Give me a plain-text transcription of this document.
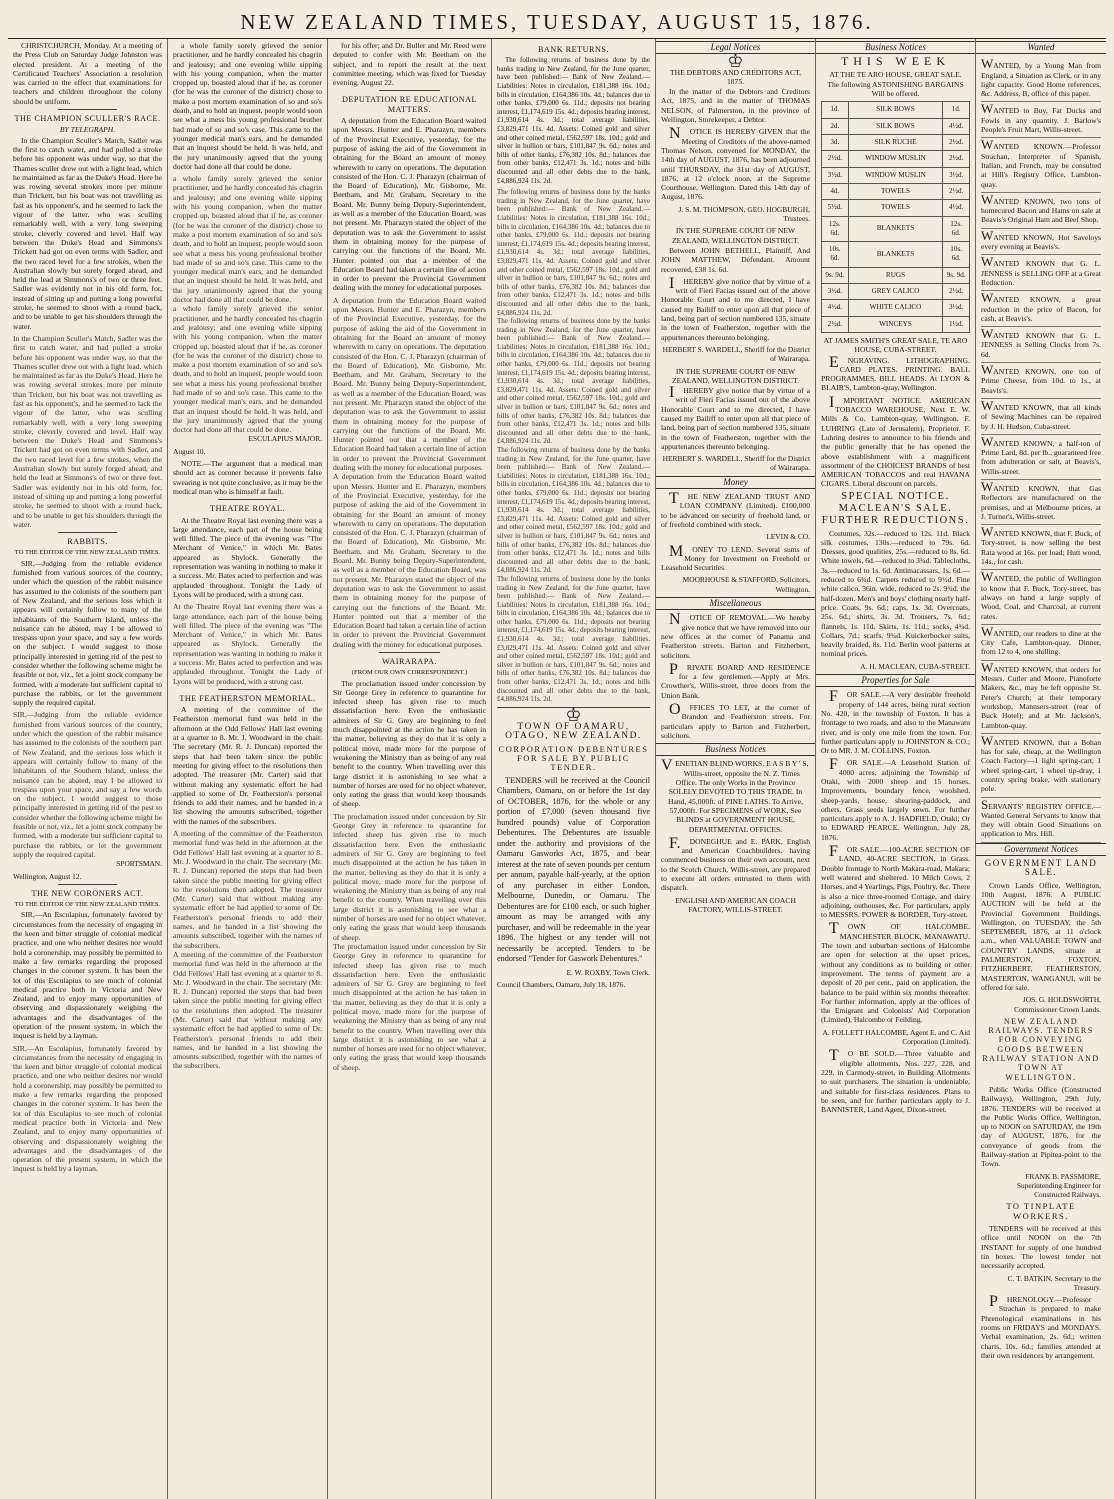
NEW ZEALAND TIMES, TUESDAY, AUGUST 15, 1876.

CHRISTCHURCH, Monday. At a meeting of the Press Club on Saturday Judge Johnston was elected president. At a meeting of the Certificated Teachers' Association a resolution was carried to the effect that examinations for teachers and children throughout the colony should be uniform.

THE CHAMPION SCULLER'S RACE.
BY TELEGRAPH.

In the Champion Sculler's Match, Sadler was the first to catch water, and had pulled a stroke before his opponent was under way, so that the Thames sculler drew out with a light lead, which he maintained as far as the Duke's Head. Here he was rowing several strokes more per minute than Trickett, but his boat was not travelling as fast as his opponent's, and he seemed to lack the vigour of the latter, who was sculling remarkably well, with a very long sweeping stroke, cleverly covered and level. Half way between the Duke's Head and Simmons's Trickett had got on even terms with Sadler, and the two raced level for a few strokes, when the Australian slowly but surely forged ahead, and held the lead at Simmons's of two or three feet. Sadler was evidently not in his old form, for, instead of sitting up and putting a long powerful stroke, he seemed to shoot with a round back, and to be unable to get his shoulders through the water.

In the Champion Sculler's Match, Sadler was the first to catch water, and had pulled a stroke before his opponent was under way, so that the Thames sculler drew out with a light lead, which he maintained as far as the Duke's Head. Here he was rowing several strokes more per minute than Trickett, but his boat was not travelling as fast as his opponent's, and he seemed to lack the vigour of the latter, who was sculling remarkably well, with a very long sweeping stroke, cleverly covered and level. Half way between the Duke's Head and Simmons's Trickett had got on even terms with Sadler, and the two raced level for a few strokes, when the Australian slowly but surely forged ahead, and held the lead at Simmons's of two or three feet. Sadler was evidently not in his old form, for, instead of sitting up and putting a long powerful stroke, he seemed to shoot with a round back, and to be unable to get his shoulders through the water.

RABBITS.
TO THE EDITOR OF THE NEW ZEALAND TIMES.

SIR,—Judging from the reliable evidence furnished from various sources of the country, under which the question of the rabbit nuisance has assumed to the colonists of the southern part of New Zealand, and the serious loss which it appears will certainly follow to many of the inhabitants of the Southern Island, unless the nuisance can be abated, may I be allowed to trespass upon your space, and say a few words on the subject. I would suggest to those principally interested in getting rid of the pest to consider whether the following scheme might be feasible or not, viz., let a joint stock company be formed, with a moderate but sufficient capital to purchase the rabbits, or let the government supply the required capital.

SIR,—Judging from the reliable evidence furnished from various sources of the country, under which the question of the rabbit nuisance has assumed to the colonists of the southern part of New Zealand, and the serious loss which it appears will certainly follow to many of the inhabitants of the Southern Island, unless the nuisance can be abated, may I be allowed to trespass upon your space, and say a few words on the subject. I would suggest to those principally interested in getting rid of the pest to consider whether the following scheme might be feasible or not, viz., let a joint stock company be formed, with a moderate but sufficient capital to purchase the rabbits, or let the government supply the required capital.

SPORTSMAN.
Wellington, August 12.
THE NEW CORONERS ACT.
TO THE EDITOR OF THE NEW ZEALAND TIMES.

SIR,—An Esculapius, fortunately favored by circumstances from the necessity of engaging in the keen and bitter struggle of colonial medical practice, and one who neither desires nor would hold a coronership, may possibly be permitted to make a few remarks regarding the proposed changes in the coroner system. It has been the lot of this Esculapius to see much of colonial medical practice both in Victoria and New Zealand, and to enjoy many opportunities of observing and dispassionately weighing the advantages and the disadvantages of the operation of the present system, in which the inquest is held by a layman.

SIR,—An Esculapius, fortunately favored by circumstances from the necessity of engaging in the keen and bitter struggle of colonial medical practice, and one who neither desires nor would hold a coronership, may possibly be permitted to make a few remarks regarding the proposed changes in the coroner system. It has been the lot of this Esculapius to see much of colonial medical practice both in Victoria and New Zealand, and to enjoy many opportunities of observing and dispassionately weighing the advantages and the disadvantages of the operation of the present system, in which the inquest is held by a layman.

a whole family sorely grieved the senior practitioner, and he hardly concealed his chagrin and jealousy; and one evening while sipping with his young companion, when the matter cropped up, boasted aloud that if he, as coroner (for he was the coroner of the district) chose to make a post mortem examination of so and so's death, and to hold an inquest, people would soon see what a mess his young professional brother had made of so and so's case. This came to the younger medical man's ears, and he demanded that an inquest should be held. It was held, and the jury unanimously agreed that the young doctor had done all that could be done.

a whole family sorely grieved the senior practitioner, and he hardly concealed his chagrin and jealousy; and one evening while sipping with his young companion, when the matter cropped up, boasted aloud that if he, as coroner (for he was the coroner of the district) chose to make a post mortem examination of so and so's death, and to hold an inquest, people would soon see what a mess his young professional brother had made of so and so's case. This came to the younger medical man's ears, and he demanded that an inquest should be held. It was held, and the jury unanimously agreed that the young doctor had done all that could be done.

a whole family sorely grieved the senior practitioner, and he hardly concealed his chagrin and jealousy; and one evening while sipping with his young companion, when the matter cropped up, boasted aloud that if he, as coroner (for he was the coroner of the district) chose to make a post mortem examination of so and so's death, and to hold an inquest, people would soon see what a mess his young professional brother had made of so and so's case. This came to the younger medical man's ears, and he demanded that an inquest should be held. It was held, and the jury unanimously agreed that the young doctor had done all that could be done.

ESCULAPIUS MAJOR.
August 10.

NOTE.—The argument that a medical man should act as coroner because it prevents false swearing is not quite conclusive, as it may be the medical man who is himself at fault.

THEATRE ROYAL.

At the Theatre Royal last evening there was a large attendance, each part of the house being well filled. The piece of the evening was "The Merchant of Venice," in which Mr. Bates appeared as Shylock. Generally the representation was wanting in nothing to make it a success. Mr. Bates acted to perfection and was applauded throughout. Tonight the Lady of Lyons will be produced, with a strong cast.

At the Theatre Royal last evening there was a large attendance, each part of the house being well filled. The piece of the evening was "The Merchant of Venice," in which Mr. Bates appeared as Shylock. Generally the representation was wanting in nothing to make it a success. Mr. Bates acted to perfection and was applauded throughout. Tonight the Lady of Lyons will be produced, with a strong cast.

THE FEATHERSTON MEMORIAL.

A meeting of the committee of the Featherston memorial fund was held in the afternoon at the Odd Fellows' Hall last evening at a quarter to 8. Mr. J. Woodward in the chair. The secretary (Mr. R. J. Duncan) reported the steps that had been taken since the public meeting for giving effect to the resolutions then adopted. The treasurer (Mr. Carter) said that without making any systematic effort he had applied to some of Dr. Featherston's personal friends to add their names, and he handed in a list showing the amounts subscribed, together with the names of the subscribers.

A meeting of the committee of the Featherston memorial fund was held in the afternoon at the Odd Fellows' Hall last evening at a quarter to 8. Mr. J. Woodward in the chair. The secretary (Mr. R. J. Duncan) reported the steps that had been taken since the public meeting for giving effect to the resolutions then adopted. The treasurer (Mr. Carter) said that without making any systematic effort he had applied to some of Dr. Featherston's personal friends to add their names, and he handed in a list showing the amounts subscribed, together with the names of the subscribers.

A meeting of the committee of the Featherston memorial fund was held in the afternoon at the Odd Fellows' Hall last evening at a quarter to 8. Mr. J. Woodward in the chair. The secretary (Mr. R. J. Duncan) reported the steps that had been taken since the public meeting for giving effect to the resolutions then adopted. The treasurer (Mr. Carter) said that without making any systematic effort he had applied to some of Dr. Featherston's personal friends to add their names, and he handed in a list showing the amounts subscribed, together with the names of the subscribers.

for his offer; and Dr. Buller and Mr. Reed were deputed to confer with Mr. Beetham on the subject, and to report the result at the next committee meeting, which was fixed for Tuesday evening, August 22.

DEPUTATION RE EDUCATIONAL MATTERS.

A deputation from the Education Board waited upon Messrs. Hunter and E. Pharazyn, members of the Provincial Executive, yesterday, for the purpose of asking the aid of the Government in obtaining for the Board an amount of money wherewith to carry on operations. The deputation consisted of the Hon. C. J. Pharazyn (chairman of the Board of Education), Mr. Gisborne, Mr. Beetham, and Mr. Graham, Secretary to the Board. Mr. Bunny being Deputy-Superintendent, as well as a member of the Education Board, was not present. Mr. Pharazyn stated the object of the deputation was to ask the Government to assist them in obtaining money for the purpose of carrying out the functions of the Board. Mr. Hunter pointed out that a member of the Education Board had taken a certain line of action in order to prevent the Provincial Government dealing with the money for educational purposes.

A deputation from the Education Board waited upon Messrs. Hunter and E. Pharazyn, members of the Provincial Executive, yesterday, for the purpose of asking the aid of the Government in obtaining for the Board an amount of money wherewith to carry on operations. The deputation consisted of the Hon. C. J. Pharazyn (chairman of the Board of Education), Mr. Gisborne, Mr. Beetham, and Mr. Graham, Secretary to the Board. Mr. Bunny being Deputy-Superintendent, as well as a member of the Education Board, was not present. Mr. Pharazyn stated the object of the deputation was to ask the Government to assist them in obtaining money for the purpose of carrying out the functions of the Board. Mr. Hunter pointed out that a member of the Education Board had taken a certain line of action in order to prevent the Provincial Government dealing with the money for educational purposes.

A deputation from the Education Board waited upon Messrs. Hunter and E. Pharazyn, members of the Provincial Executive, yesterday, for the purpose of asking the aid of the Government in obtaining for the Board an amount of money wherewith to carry on operations. The deputation consisted of the Hon. C. J. Pharazyn (chairman of the Board of Education), Mr. Gisborne, Mr. Beetham, and Mr. Graham, Secretary to the Board. Mr. Bunny being Deputy-Superintendent, as well as a member of the Education Board, was not present. Mr. Pharazyn stated the object of the deputation was to ask the Government to assist them in obtaining money for the purpose of carrying out the functions of the Board. Mr. Hunter pointed out that a member of the Education Board had taken a certain line of action in order to prevent the Provincial Government dealing with the money for educational purposes.

WAIRARAPA.
(FROM OUR OWN CORRESPONDENT.)

The proclamation issued under concession by Sir George Grey in reference to quarantine for infected sheep has given rise to much dissatisfaction here. Even the enthusiastic admirers of Sir G. Grey are beginning to feel much disappointed at the action he has taken in the matter, believing as they do that it is only a political move, made more for the purpose of weakening the Ministry than as being of any real benefit to the country. When travelling over this large district it is astonishing to see what a number of horses are used for no object whatever, only eating the grass that would keep thousands of sheep.

The proclamation issued under concession by Sir George Grey in reference to quarantine for infected sheep has given rise to much dissatisfaction here. Even the enthusiastic admirers of Sir G. Grey are beginning to feel much disappointed at the action he has taken in the matter, believing as they do that it is only a political move, made more for the purpose of weakening the Ministry than as being of any real benefit to the country. When travelling over this large district it is astonishing to see what a number of horses are used for no object whatever, only eating the grass that would keep thousands of sheep.

The proclamation issued under concession by Sir George Grey in reference to quarantine for infected sheep has given rise to much dissatisfaction here. Even the enthusiastic admirers of Sir G. Grey are beginning to feel much disappointed at the action he has taken in the matter, believing as they do that it is only a political move, made more for the purpose of weakening the Ministry than as being of any real benefit to the country. When travelling over this large district it is astonishing to see what a number of horses are used for no object whatever, only eating the grass that would keep thousands of sheep.

BANK RETURNS.

The following returns of business done by the banks trading in New Zealand, for the June quarter, have been published:— Bank of New Zealand.—Liabilities: Notes in circulation, £181,388 16s. 10d.; bills in circulation, £164,386 10s. 4d.; balances due to other banks, £79,000 6s. 11d.; deposits not bearing interest, £1,174,619 15s. 4d.; deposits bearing interest, £1,930,614 4s. 3d.; total average liabilities, £3,829,471 11s. 4d. Assets: Coined gold and silver and other coined metal, £562,597 18s. 10d.; gold and silver in bullion or bars, £101,847 9s. 6d.; notes and bills of other banks, £76,382 10s. 8d.; balances due from other banks, £12,471 3s. 1d.; notes and bills discounted and all other debts due to the bank, £4,886,924 11s. 2d.

The following returns of business done by the banks trading in New Zealand, for the June quarter, have been published:— Bank of New Zealand.—Liabilities: Notes in circulation, £181,388 16s. 10d.; bills in circulation, £164,386 10s. 4d.; balances due to other banks, £79,000 6s. 11d.; deposits not bearing interest, £1,174,619 15s. 4d.; deposits bearing interest, £1,930,614 4s. 3d.; total average liabilities, £3,829,471 11s. 4d. Assets: Coined gold and silver and other coined metal, £562,597 18s. 10d.; gold and silver in bullion or bars, £101,847 9s. 6d.; notes and bills of other banks, £76,382 10s. 8d.; balances due from other banks, £12,471 3s. 1d.; notes and bills discounted and all other debts due to the bank, £4,886,924 11s. 2d.

The following returns of business done by the banks trading in New Zealand, for the June quarter, have been published:— Bank of New Zealand.—Liabilities: Notes in circulation, £181,388 16s. 10d.; bills in circulation, £164,386 10s. 4d.; balances due to other banks, £79,000 6s. 11d.; deposits not bearing interest, £1,174,619 15s. 4d.; deposits bearing interest, £1,930,614 4s. 3d.; total average liabilities, £3,829,471 11s. 4d. Assets: Coined gold and silver and other coined metal, £562,597 18s. 10d.; gold and silver in bullion or bars, £101,847 9s. 6d.; notes and bills of other banks, £76,382 10s. 8d.; balances due from other banks, £12,471 3s. 1d.; notes and bills discounted and all other debts due to the bank, £4,886,924 11s. 2d.

The following returns of business done by the banks trading in New Zealand, for the June quarter, have been published:— Bank of New Zealand.—Liabilities: Notes in circulation, £181,388 16s. 10d.; bills in circulation, £164,386 10s. 4d.; balances due to other banks, £79,000 6s. 11d.; deposits not bearing interest, £1,174,619 15s. 4d.; deposits bearing interest, £1,930,614 4s. 3d.; total average liabilities, £3,829,471 11s. 4d. Assets: Coined gold and silver and other coined metal, £562,597 18s. 10d.; gold and silver in bullion or bars, £101,847 9s. 6d.; notes and bills of other banks, £76,382 10s. 8d.; balances due from other banks, £12,471 3s. 1d.; notes and bills discounted and all other debts due to the bank, £4,886,924 11s. 2d.

The following returns of business done by the banks trading in New Zealand, for the June quarter, have been published:— Bank of New Zealand.—Liabilities: Notes in circulation, £181,388 16s. 10d.; bills in circulation, £164,386 10s. 4d.; balances due to other banks, £79,000 6s. 11d.; deposits not bearing interest, £1,174,619 15s. 4d.; deposits bearing interest, £1,930,614 4s. 3d.; total average liabilities, £3,829,471 11s. 4d. Assets: Coined gold and silver and other coined metal, £562,597 18s. 10d.; gold and silver in bullion or bars, £101,847 9s. 6d.; notes and bills of other banks, £76,382 10s. 8d.; balances due from other banks, £12,471 3s. 1d.; notes and bills discounted and all other debts due to the bank, £4,886,924 11s. 2d.

♔
TOWN OF OAMARU, OTAGO, NEW ZEALAND.
CORPORATION DEBENTURES FOR SALE BY PUBLIC TENDER.

TENDERS will be received at the Council Chambers, Oamaru, on or before the 1st day of OCTOBER, 1876, for the whole or any portion of £7,000 (seven thousand five hundred pounds) value of Corporation Debentures. The Debentures are issuable under the authority and provisions of the Oamaru Gasworks Act, 1875, and bear interest at the rate of seven pounds per centum per annum, payable half-yearly, at the option of any purchaser in either London, Melbourne, Dunedin, or Oamaru. The Debentures are for £100 each, or such higher amount as may be arranged with any purchaser, and will be redeemable in the year 1896. The highest or any tender will not necessarily be accepted. Tenders to be endorsed "Tender for Gaswork Debentures."

E. W. ROXBY, Town Clerk.
Council Chambers, Oamaru, July 18, 1876.
Legal Notices
♔
THE DEBTORS AND CREDITORS ACT, 1875.

In the matter of the Debtors and Creditors Act, 1875, and in the matter of THOMAS NELSON, of Palmerston, in the province of Wellington, Storekeeper, a Debtor.

NOTICE IS HEREBY GIVEN that the Meeting of Creditors of the above-named Thomas Nelson, convened for MONDAY, the 14th day of AUGUST, 1876, has been adjourned until THURSDAY, the 31st day of AUGUST, 1876, at 12 o'clock noon, at the Supreme Courthouse, Wellington. Dated this 14th day of August, 1876.

J. S. M. THOMPSON, GEO. HOGBURGH, Trustees.
IN THE SUPREME COURT OF NEW ZEALAND, WELLINGTON DISTRICT.

Between JOHN BETHELL, Plaintiff, And JOHN MATTHEW, Defendant. Amount recovered, £38 1s. 6d.

IHEREBY give notice that by virtue of a writ of Fieri Facias issued out of the above Honorable Court and to me directed, I have caused my Bailiff to enter upon all that piece of land, being part of section numbered 135, situate in the town of Featherston, together with the appurtenances thereunto belonging.

HERBERT S. WARDELL, Sheriff for the District of Wairarapa.
IN THE SUPREME COURT OF NEW ZEALAND, WELLINGTON DISTRICT.

IHEREBY give notice that by virtue of a writ of Fieri Facias issued out of the above Honorable Court and to me directed, I have caused my Bailiff to enter upon all that piece of land, being part of section numbered 135, situate in the town of Featherston, together with the appurtenances thereunto belonging.

HERBERT S. WARDELL, Sheriff for the District of Wairarapa.
Money

THE NEW ZEALAND TRUST AND LOAN COMPANY (Limited). £100,000 to be advanced on security of freehold land, or of freehold combined with stock.

LEVIN & CO.

MONEY TO LEND. Several sums of Money for Investment on Freehold or Leasehold Securities.

MOORHOUSE & STAFFORD, Solicitors, Wellington.
Miscellaneous

NOTICE OF REMOVAL.—We hereby give notice that we have removed into our new offices at the corner of Panama and Featherston streets. Barton and Fitzherbert, solicitors.

PRIVATE BOARD AND RESIDENCE for a few gentlemen.—Apply at Mrs. Crowther's, Willis-street, three doors from the Union Bank.

OFFICES TO LET, at the corner of Brandon and Featherston streets. For particulars apply to Barton and Fitzherbert, solicitors.

Business Notices

VENETIAN BLIND WORKS. E A S B Y ' S, Willis-street, opposite the N. Z. Times Office. The only Works in the Province SOLELY DEVOTED TO THIS TRADE. In Hand, 45,000ft. of PINE LATHS. To Arrive, 57,000ft. For SPECIMENS of WORK, See BLINDS at GOVERNMENT HOUSE, DEPARTMENTAL OFFICES.

F.DONEGHUE and E. PARK, English and American Coachbuilders, having commenced business on their own account, next to the Scotch Church, Willis-street, are prepared to execute all orders entrusted to them with dispatch.

ENGLISH AND AMERICAN COACH FACTORY, WILLIS-STREET.
Business Notices
THIS WEEK
AT THE TE ARO HOUSE, GREAT SALE.
The following ASTONISHING BARGAINS Will be offered.
1d.	SILK BOWS	1d.
2d.	SILK BOWS	4½d.
3d.	SILK RUCHE	2½d.
2½d.	WINDOW MUSLIN	2½d.
3½d.	WINDOW MUSLIN	3½d.
4d.	TOWELS	2½d.
5½d.	TOWELS	4½d.
12s. 6d.	BLANKETS	12s. 6d.
10s. 6d.	BLANKETS	10s. 6d.
9s. 9d.	RUGS	9s. 9d.
3½d.	GREY CALICO	2½d.
4½d.	WHITE CALICO	3½d.
2½d.	WINCEYS	1½d.
AT JAMES SMITH'S GREAT SALE, TE ARO HOUSE, CUBA-STREET.

ENGRAVING. LITHOGRAPHING. CARD PLATES. PRINTING. BALL PROGRAMMES. BILL HEADS. At LYON & BLAIR'S, Lambton-quay, Wellington.

IMPORTANT NOTICE. AMERICAN TOBACCO WAREHOUSE, Next E. W. Mills & Co. Lambton-quay, Wellington. F. LUHRING (Late of Jerusalem), Proprietor. F. Luhring desires to announce to his friends and the public generally that he has opened the above establishment with a magnificent assortment of the CHOICEST BRANDS of best AMERICAN TOBACCOS and real HAVANA CIGARS. Liberal discount on parcels.

SPECIAL NOTICE.
MACLEAN'S SALE.
FURTHER REDUCTIONS.

Costumes, 32s.—reduced to 12s. 11d. Black silk costumes, 130s.—reduced to 79s. 6d. Dresses, good qualities, 25s.—reduced to 8s. 6d. White towels, 6d.—reduced to 3¾d. Tablecloths, 3s.—reduced to 1s. 6d. Antimacassars, 1s. 6d.—reduced to 6¾d. Carpets reduced to 9½d. Fine white calico, 36in. wide, reduced to 2s. 9¾d. the half-dozen. Men's and boys' clothing nearly half-price. Coats, 9s. 6d.; caps, 1s. 3d. Overcoats, 25s. 6d.; shirts, 3s. 3d. Trousers, 7s. 6d.; flannels, 1s. 11d. Skirts, 1s. 11d.; socks, 4¾d. Collars, 7d.; scarfs, 9¾d. Kuickerbocker suits, heavily braided, 8s. 11d. Berlin wool patterns at nominal prices.

A. H. MACLEAN, CUBA-STREET.
Properties for Sale

FOR SALE.—A very desirable freehold property of 144 acres, being rural section No. 420, in the township of Foxton. It has a frontage to two roads, and also to the Manawatu river, and is only one mile from the town. For further particulars apply to JOHNSTON & CO.; Or to MR. J. M. COLLINS, Foxton.

FOR SALE.—A Leasehold Station of 4000 acres, adjoining the Township of Otaki, with 2000 sheep and 15 horses. Improvements, boundary fence, woolshed, sheep-yards, house, shearing-paddock, and others. Grass seeds largely sown. For further particulars apply to A. J. HADFIELD, Otaki; Or to EDWARD PEARCE. Wellington, July 28, 1876.

FOR SALE.—100-ACRE SECTION OF LAND, 40-ACRE SECTION, in Grass. Double frontage to North Makara-road, Makara; well watered and sheltered. 10 Milch Cows, 2 Horses, and 4 Yearlings, Pigs, Poultry, &c. There is also a nice three-roomed Cottage, and dairy adjoining, outhouses, &c. For particulars, apply to MESSRS. POWER & BORDER, Tory-street.

TOWN OF HALCOMBE. MANCHESTER BLOCK, MANAWATU. The town and suburban sections of Halcombe are open for selection at the upset prices, without any conditions as to building or other improvement. The terms of payment are a deposit of 20 per cent., paid on application, the balance to be paid within six months thereafter. For further information, apply at the offices of the Emigrant and Colonists' Aid Corporation (Limited), Halcombe or Feilding.

A. FOLLETT HALCOMBE, Agent E. and C. Aid Corporation (Limited).

TO BE SOLD.—Three valuable and eligible allotments, Nos. 227, 228, and 229, in Carmody-street, in Building Allotments to suit purchasers. The situation is undeniable, and suitable for first-class residences. Plans to be seen, and for further particulars apply to J. BANNISTER, Land Agent, Dixon-street.

Wanted

WANTED, by a Young Man from England, a Situation as Clerk, or in any light capacity. Good Home references, &c. Address, B, office of this paper.

WANTED to Buy, Fat Ducks and Fowls in any quantity. J. Barlow's People's Fruit Mart, Willis-street.

WANTED KNOWN.—Professor Strachan, Interpreter of Spanish, Italian, and French, may be consulted at Hill's Registry Office, Lambton-quay.

WANTED KNOWN, two tons of homecured Bacon and Hams on sale at Beavis's Original Ham and Beef Shop.

WANTED KNOWN, Hot Saveloys every evening at Beavis's.

WANTED KNOWN that G. L. JENNESS is SELLING OFF at a Great Reduction.

WANTED KNOWN, a great reduction in the price of Bacon, for cash, at Beavis's.

WANTED KNOWN that G. L. JENNESS is Selling Clocks from 7s. 6d.

WANTED KNOWN, one ton of Prime Cheese, from 10d. to 1s., at Beavis's.

WANTED KNOWN, that all kinds of Sewing Machines can be repaired by J. H. Hudson, Cuba-street.

WANTED KNOWN, a half-ton of Prime Lard, 8d. per lb., guaranteed free from adulteration or salt, at Beavis's, Willis-street.

WANTED KNOWN, that Gas Reflectors are manufactured on the premises, and at Melbourne prices, at J. Turner's, Willis-street.

WANTED KNOWN, that F. Buck, of Tory-street, is now selling the best Rata wood at 16s. per load; Hutt wood, 14s., for cash.

WANTED, the public of Wellington to know that F. Buck, Tory-street, has always on hand a large supply of Wood, Coal, and Charcoal, at current rates.

WANTED, our readers to dine at the City Cafe, Lambton-quay. Dinner, from 12 to 4, one shilling.

WANTED KNOWN, that orders for Messrs. Cutler and Moore, Pianoforte Makers, &c., may be left opposite St. Peter's Church; at their temporary workshop, Mannsers-street (rear of Buck Hotel); and at Mr. Jackson's, Lambton-quay.

WANTED KNOWN, that a Bohan has for sale, cheap, at the Wellington Coach Factory—1 light spring-cart, 1 wheel spring-cart, 1 wheel tip-dray, 1 country spring brake, with stationary pole.

SERVANTS' REGISTRY OFFICE.—Wanted General Servants to know that they will obtain Good Situations on application to Mrs. Hill.

Government Notices
GOVERNMENT LAND SALE.

Crown Lands Office, Wellington, 10th August, 1876. A PUBLIC AUCTION will be held at the Provincial Government Buildings, Wellington, on TUESDAY, the 5th SEPTEMBER, 1876, at 11 o'clock a.m., when VALUABLE TOWN and COUNTRY LANDS, situate at PALMERSTON, FOXTON, FITZHERBERT, FEATHERSTON, MASTERTON, WANGANUI, will be offered for sale.

JOS. G. HOLDSWORTH, Commissioner Crown Lands.
NEW ZEALAND RAILWAYS. TENDERS FOR CONVEYING GOODS BETWEEN RAILWAY STATION AND TOWN AT WELLINGTON.

Public Works Office (Constructed Railways), Wellington, 29th July, 1876. TENDERS will be received at the Public Works Office, Wellington, up to NOON on SATURDAY, the 19th day of AUGUST, 1876, for the conveyance of goods from the Railway-station at Pipitea-point to the Town.

FRANK B. PASSMORE, Superintending Engineer for Constructed Railways.
TO TINPLATE WORKERS.

TENDERS will be received at this office until NOON on the 7th INSTANT for supply of one hundred tin boxes. The lowest tender not necessarily accepted.

C. T. BATKIN, Secretary to the Treasury.

PHRENOLOGY.—Professor Strachan is prepared to make Phrenological examinations in his rooms on FRIDAYS and MONDAYS. Verbal examination, 2s. 6d.; written charts, 10s. 6d.; families attended at their own residences by arrangement.
